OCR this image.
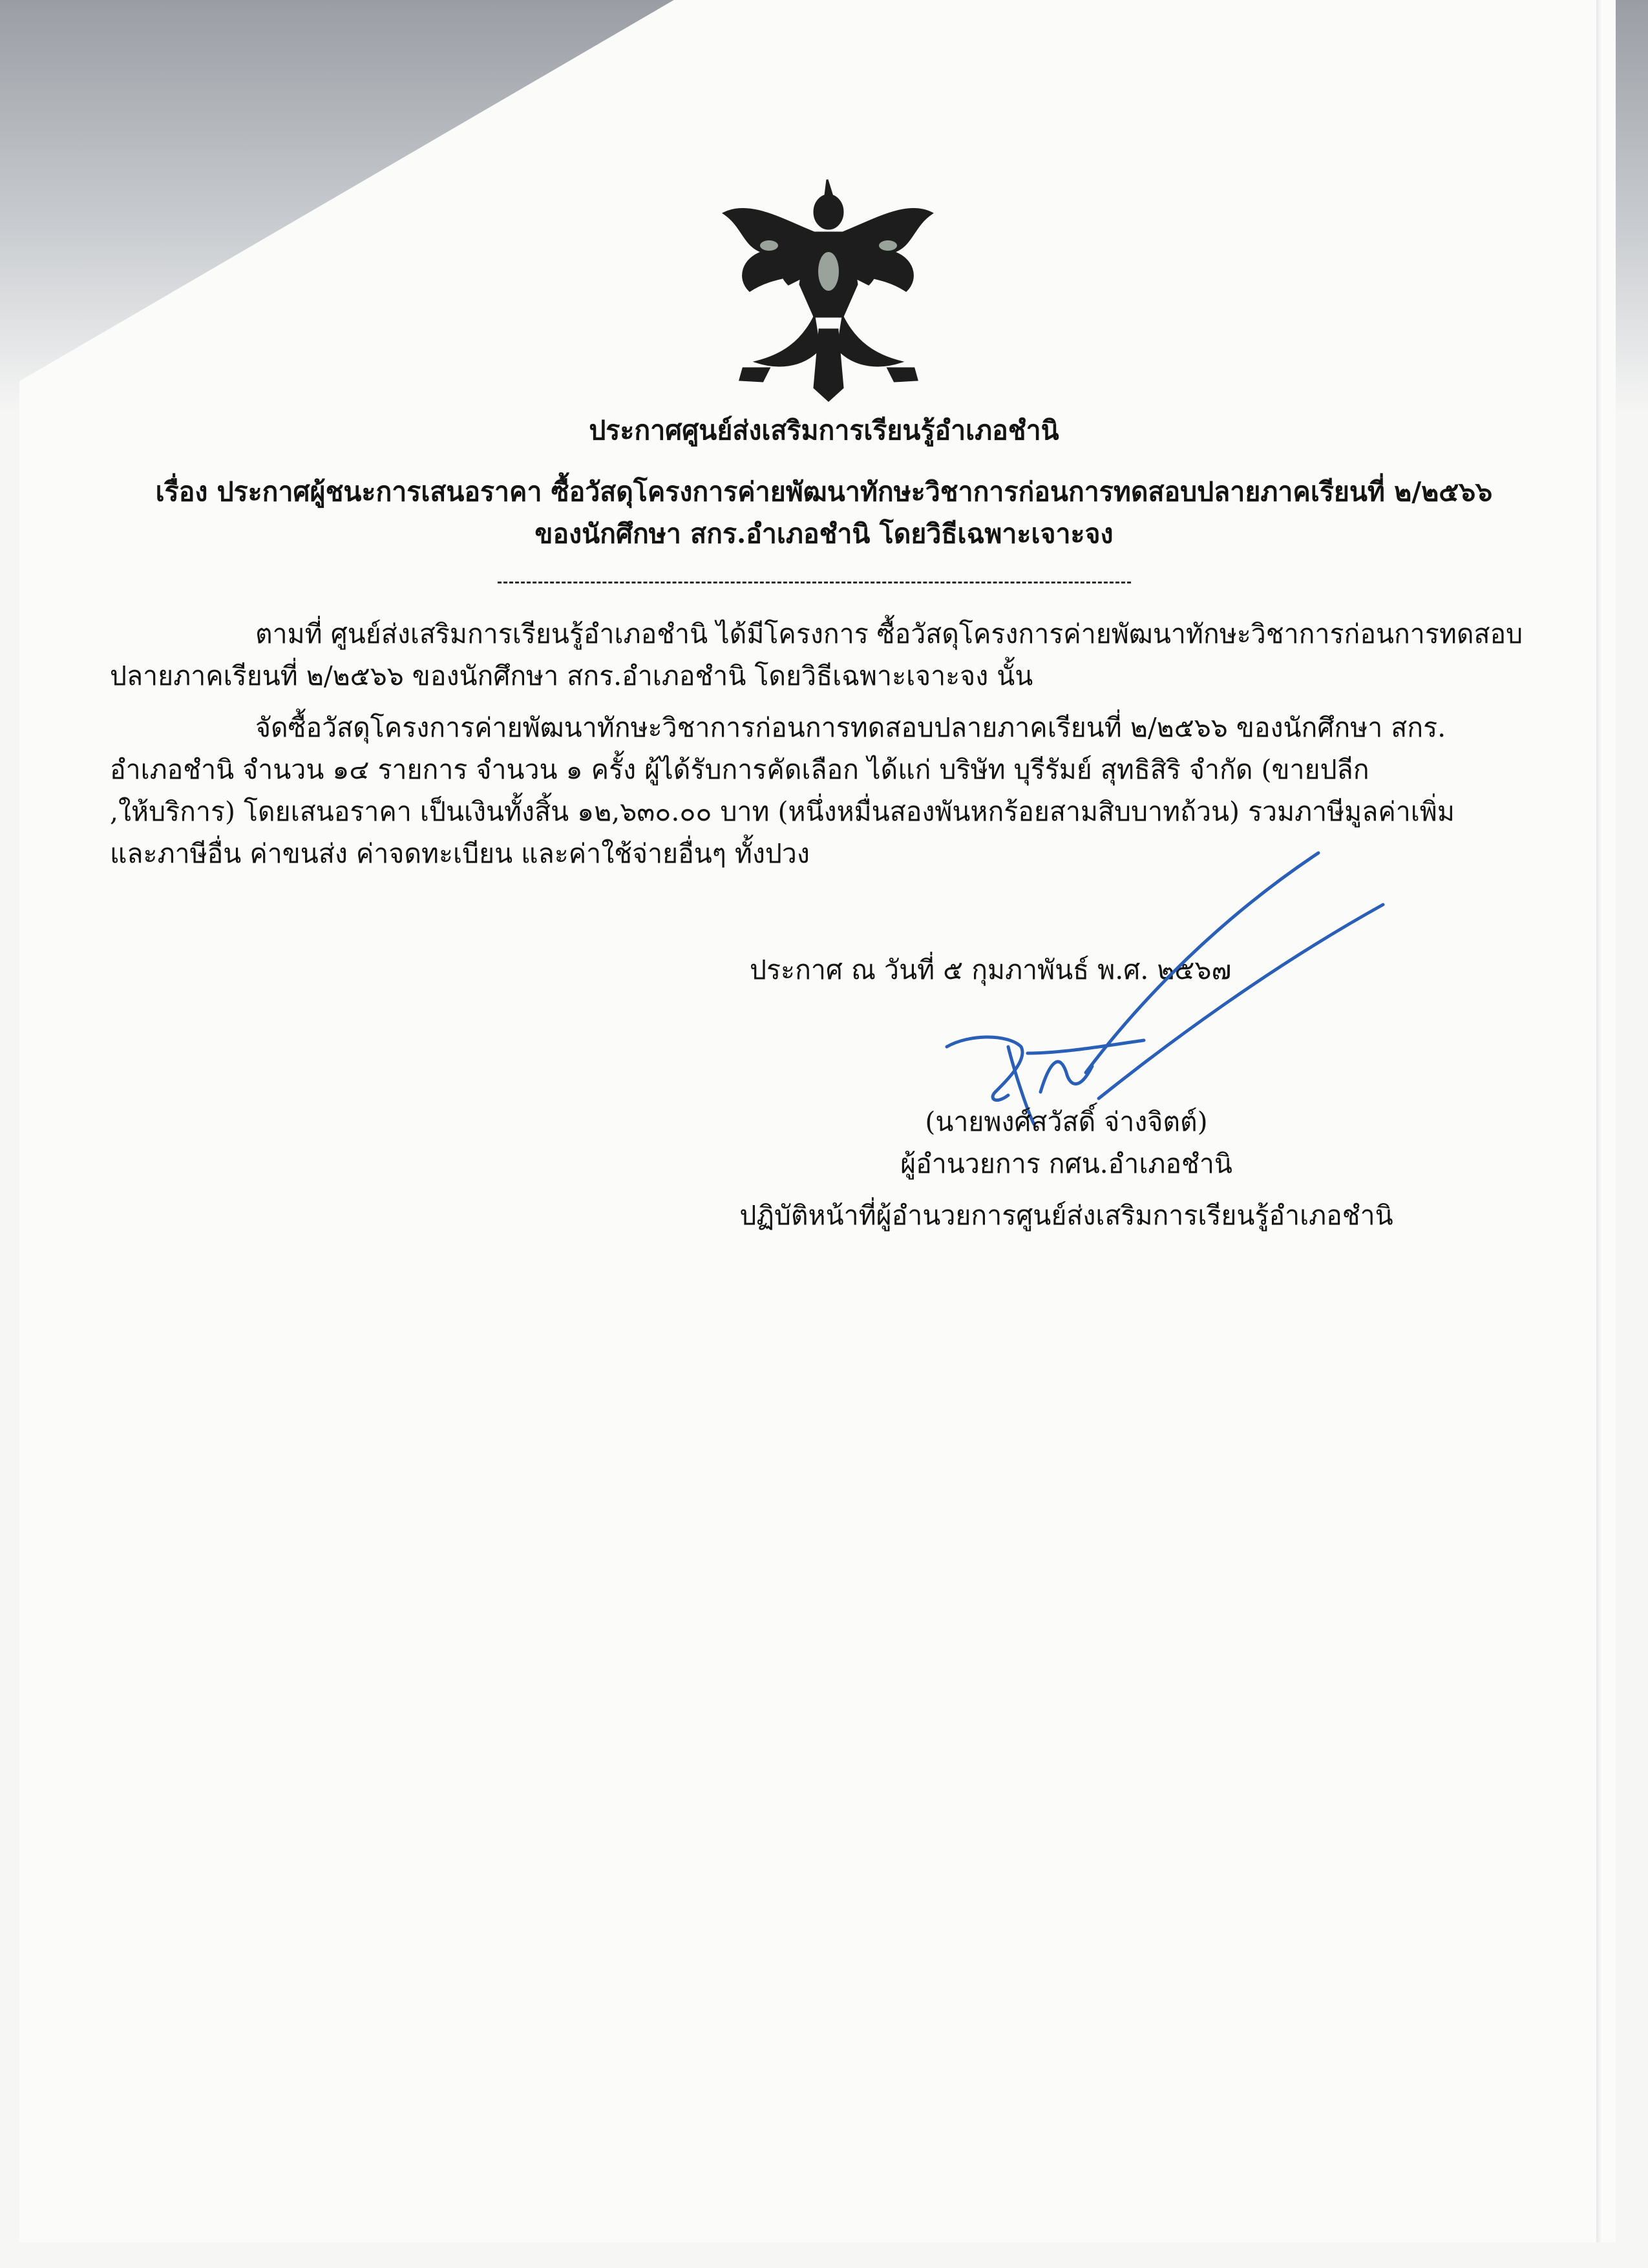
ประกาศศูนย์ส่งเสริมการเรียนรู้อำเภอชำนิ
เรื่อง ประกาศผู้ชนะการเสนอราคา ซื้อวัสดุโครงการค่ายพัฒนาทักษะวิชาการก่อนการทดสอบปลายภาคเรียนที่ ๒/๒๕๖๖
ของนักศึกษา สกร.อำเภอชำนิ โดยวิธีเฉพาะเจาะจง
ตามที่ ศูนย์ส่งเสริมการเรียนรู้อำเภอชำนิ ได้มีโครงการ ซื้อวัสดุโครงการค่ายพัฒนาทักษะวิชาการก่อนการทดสอบ
ปลายภาคเรียนที่ ๒/๒๕๖๖ ของนักศึกษา สกร.อำเภอชำนิ โดยวิธีเฉพาะเจาะจง นั้น
จัดซื้อวัสดุโครงการค่ายพัฒนาทักษะวิชาการก่อนการทดสอบปลายภาคเรียนที่ ๒/๒๕๖๖ ของนักศึกษา สกร.
อำเภอชำนิ จำนวน ๑๔ รายการ จำนวน ๑ ครั้ง ผู้ได้รับการคัดเลือก ได้แก่ บริษัท บุรีรัมย์ สุทธิสิริ จำกัด (ขายปลีก
,ให้บริการ) โดยเสนอราคา เป็นเงินทั้งสิ้น ๑๒,๖๓๐.๐๐ บาท (หนึ่งหมื่นสองพันหกร้อยสามสิบบาทถ้วน) รวมภาษีมูลค่าเพิ่ม
และภาษีอื่น ค่าขนส่ง ค่าจดทะเบียน และค่าใช้จ่ายอื่นๆ ทั้งปวง
ประกาศ ณ วันที่ ๕ กุมภาพันธ์ พ.ศ. ๒๕๖๗
(นายพงศ์สวัสดิ์ จ่างจิตต์)
ผู้อำนวยการ กศน.อำเภอชำนิ
ปฏิบัติหน้าที่ผู้อำนวยการศูนย์ส่งเสริมการเรียนรู้อำเภอชำนิ
